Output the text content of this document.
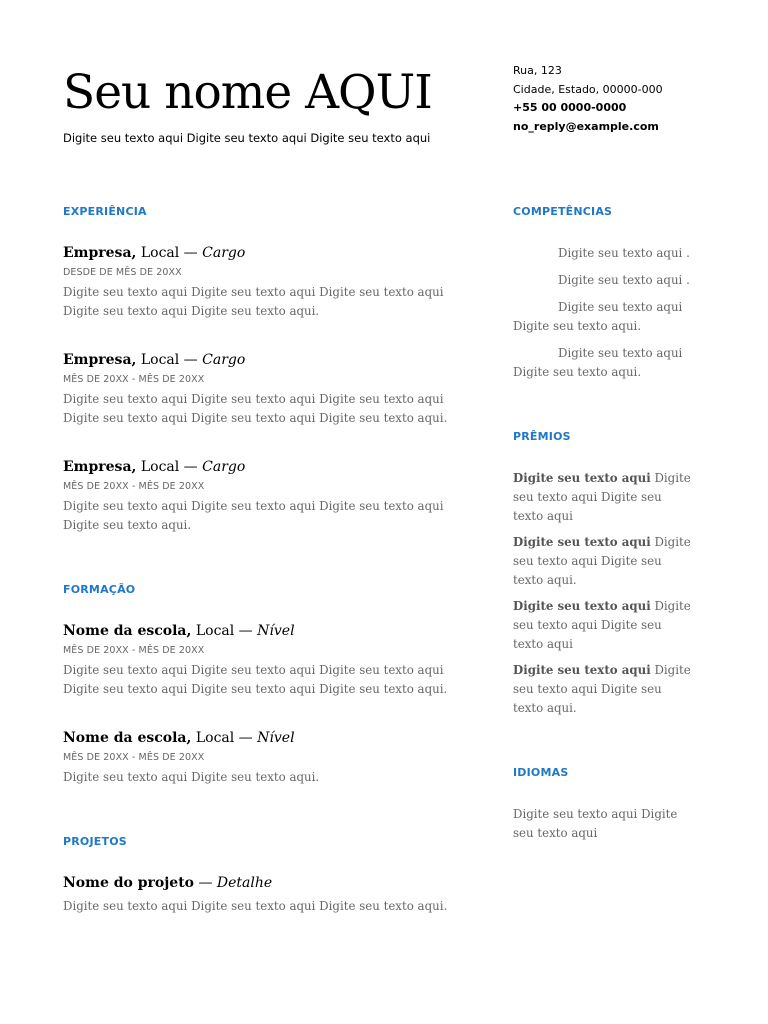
Seu nome AQUI
Digite seu texto aqui Digite seu texto aqui Digite seu texto aqui
Rua, 123
Cidade, Estado, 00000-000
+55 00 0000-0000
no_reply@example.com
EXPERIÊNCIA
Empresa, Local — Cargo
DESDE DE MÊS DE 20XX
Digite seu texto aqui Digite seu texto aqui Digite seu texto aqui Digite seu texto aqui Digite seu texto aqui.
Empresa, Local — Cargo
MÊS DE 20XX - MÊS DE 20XX
Digite seu texto aqui Digite seu texto aqui Digite seu texto aqui Digite seu texto aqui Digite seu texto aqui Digite seu texto aqui.
Empresa, Local — Cargo
MÊS DE 20XX - MÊS DE 20XX
Digite seu texto aqui Digite seu texto aqui Digite seu texto aqui Digite seu texto aqui.
FORMAÇÃO
Nome da escola, Local — Nível
MÊS DE 20XX - MÊS DE 20XX
Digite seu texto aqui Digite seu texto aqui Digite seu texto aqui Digite seu texto aqui Digite seu texto aqui Digite seu texto aqui.
Nome da escola, Local — Nível
MÊS DE 20XX - MÊS DE 20XX
Digite seu texto aqui Digite seu texto aqui.
PROJETOS
Nome do projeto — Detalhe
Digite seu texto aqui Digite seu texto aqui Digite seu texto aqui.
COMPETÊNCIAS
Digite seu texto aqui .
Digite seu texto aqui .
Digite seu texto aqui Digite seu texto aqui.
Digite seu texto aqui Digite seu texto aqui.
PRÊMIOS
Digite seu texto aqui Digite seu texto aqui Digite seu texto aqui
Digite seu texto aqui Digite seu texto aqui Digite seu texto aqui.
Digite seu texto aqui Digite seu texto aqui Digite seu texto aqui
Digite seu texto aqui Digite seu texto aqui Digite seu texto aqui.
IDIOMAS
Digite seu texto aqui Digite seu texto aqui
